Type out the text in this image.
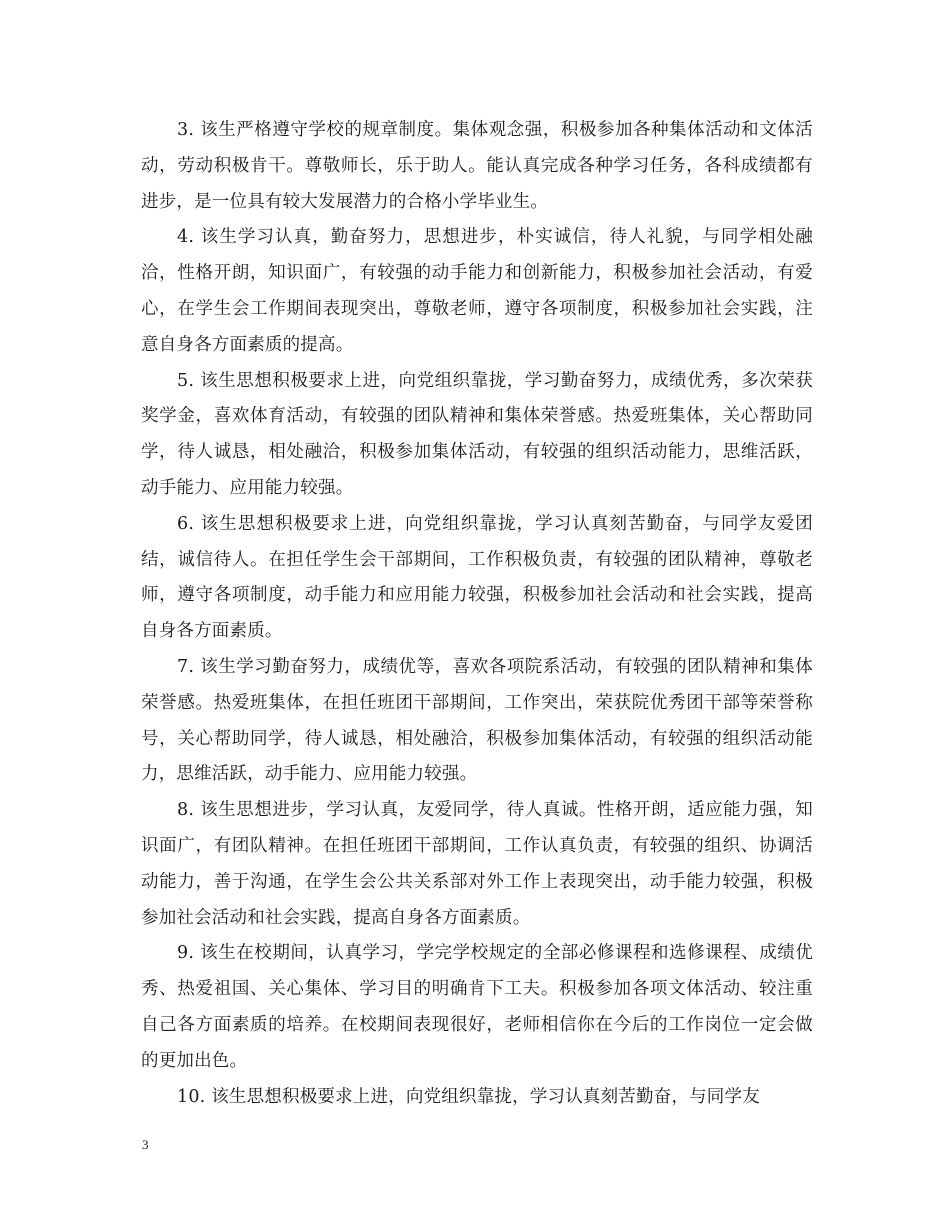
3. 该生严格遵守学校的规章制度。集体观念强，积极参加各种集体活动和文体活动，劳动积极肯干。尊敬师长，乐于助人。能认真完成各种学习任务，各科成绩都有进步，是一位具有较大发展潜力的合格小学毕业生。

4. 该生学习认真，勤奋努力，思想进步，朴实诚信，待人礼貌，与同学相处融洽，性格开朗，知识面广，有较强的动手能力和创新能力，积极参加社会活动，有爱心，在学生会工作期间表现突出，尊敬老师，遵守各项制度，积极参加社会实践，注意自身各方面素质的提高。

5. 该生思想积极要求上进，向党组织靠拢，学习勤奋努力，成绩优秀，多次荣获奖学金，喜欢体育活动，有较强的团队精神和集体荣誉感。热爱班集体，关心帮助同学，待人诚恳，相处融洽，积极参加集体活动，有较强的组织活动能力，思维活跃，动手能力、应用能力较强。

6. 该生思想积极要求上进，向党组织靠拢，学习认真刻苦勤奋，与同学友爱团结，诚信待人。在担任学生会干部期间，工作积极负责，有较强的团队精神，尊敬老师，遵守各项制度，动手能力和应用能力较强，积极参加社会活动和社会实践，提高自身各方面素质。

7. 该生学习勤奋努力，成绩优等，喜欢各项院系活动，有较强的团队精神和集体荣誉感。热爱班集体，在担任班团干部期间，工作突出，荣获院优秀团干部等荣誉称号，关心帮助同学，待人诚恳，相处融洽，积极参加集体活动，有较强的组织活动能力，思维活跃，动手能力、应用能力较强。

8. 该生思想进步，学习认真，友爱同学，待人真诚。性格开朗，适应能力强，知识面广，有团队精神。在担任班团干部期间，工作认真负责，有较强的组织、协调活动能力，善于沟通，在学生会公共关系部对外工作上表现突出，动手能力较强，积极参加社会活动和社会实践，提高自身各方面素质。

9. 该生在校期间，认真学习，学完学校规定的全部必修课程和选修课程、成绩优秀、热爱祖国、关心集体、学习目的明确肯下工夫。积极参加各项文体活动、较注重自己各方面素质的培养。在校期间表现很好，老师相信你在今后的工作岗位一定会做的更加出色。

10. 该生思想积极要求上进，向党组织靠拢，学习认真刻苦勤奋，与同学友

3
